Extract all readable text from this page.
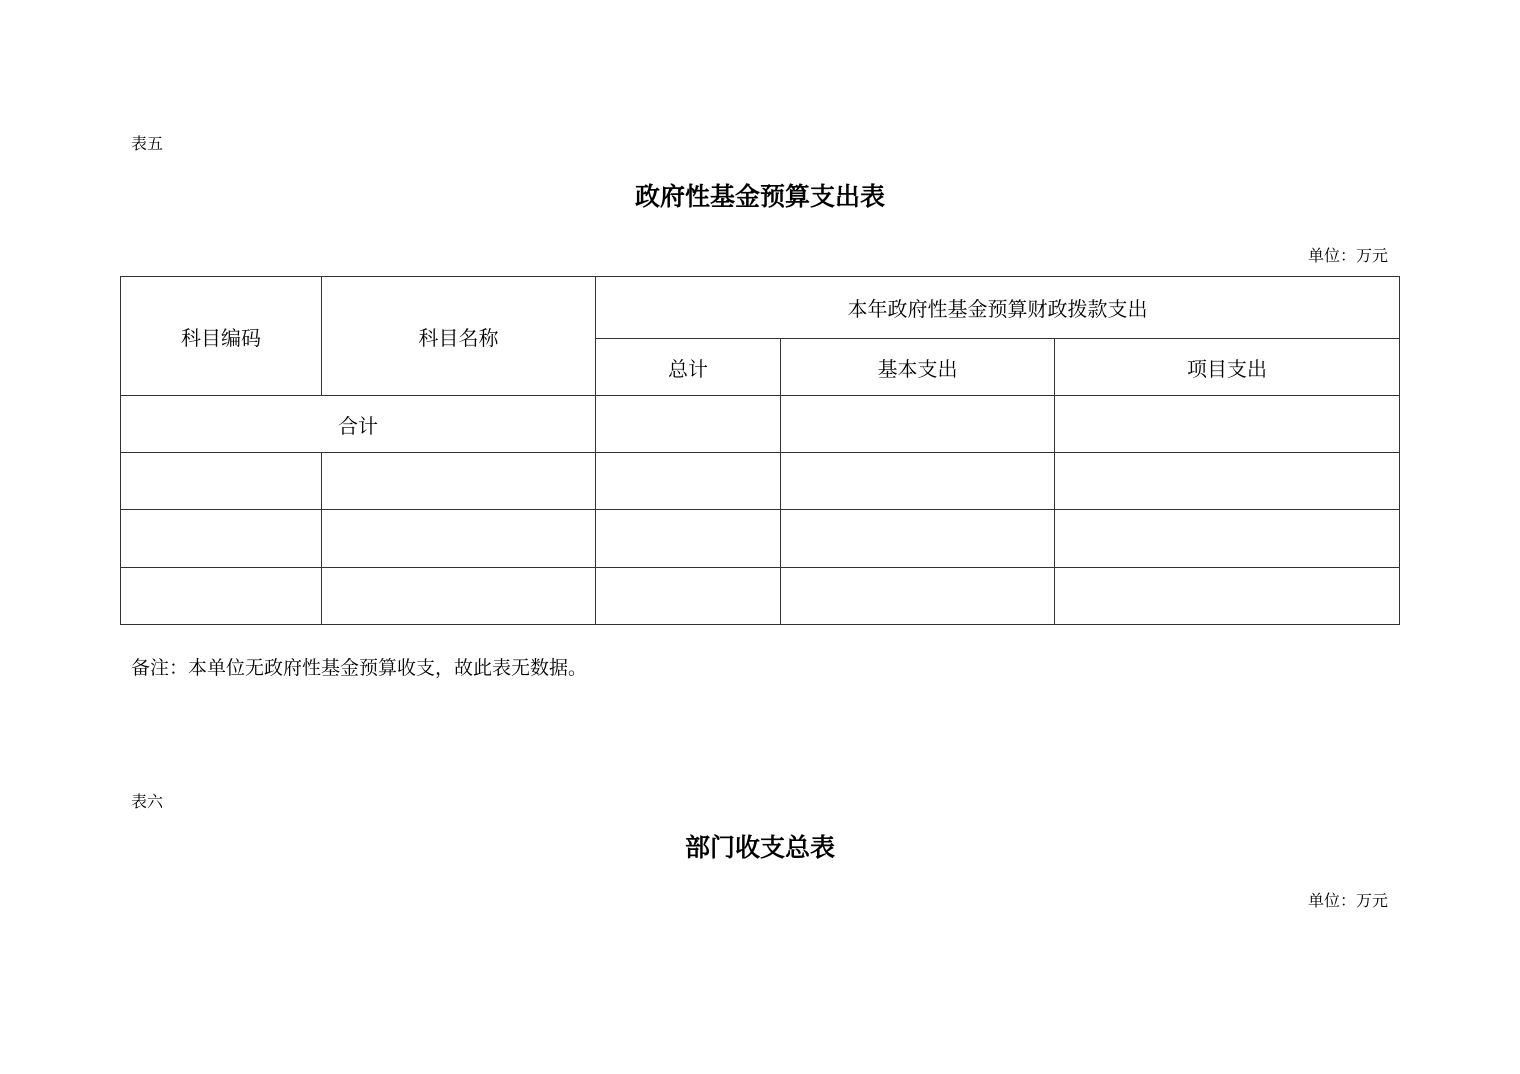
表五
政府性基金预算支出表
单位：万元
科目编码	科目名称	本年政府性基金预算财政拨款支出		
		总计	基本支出	项目支出
合计				

备注：本单位无政府性基金预算收支，故此表无数据。
表六
部门收支总表
单位：万元
